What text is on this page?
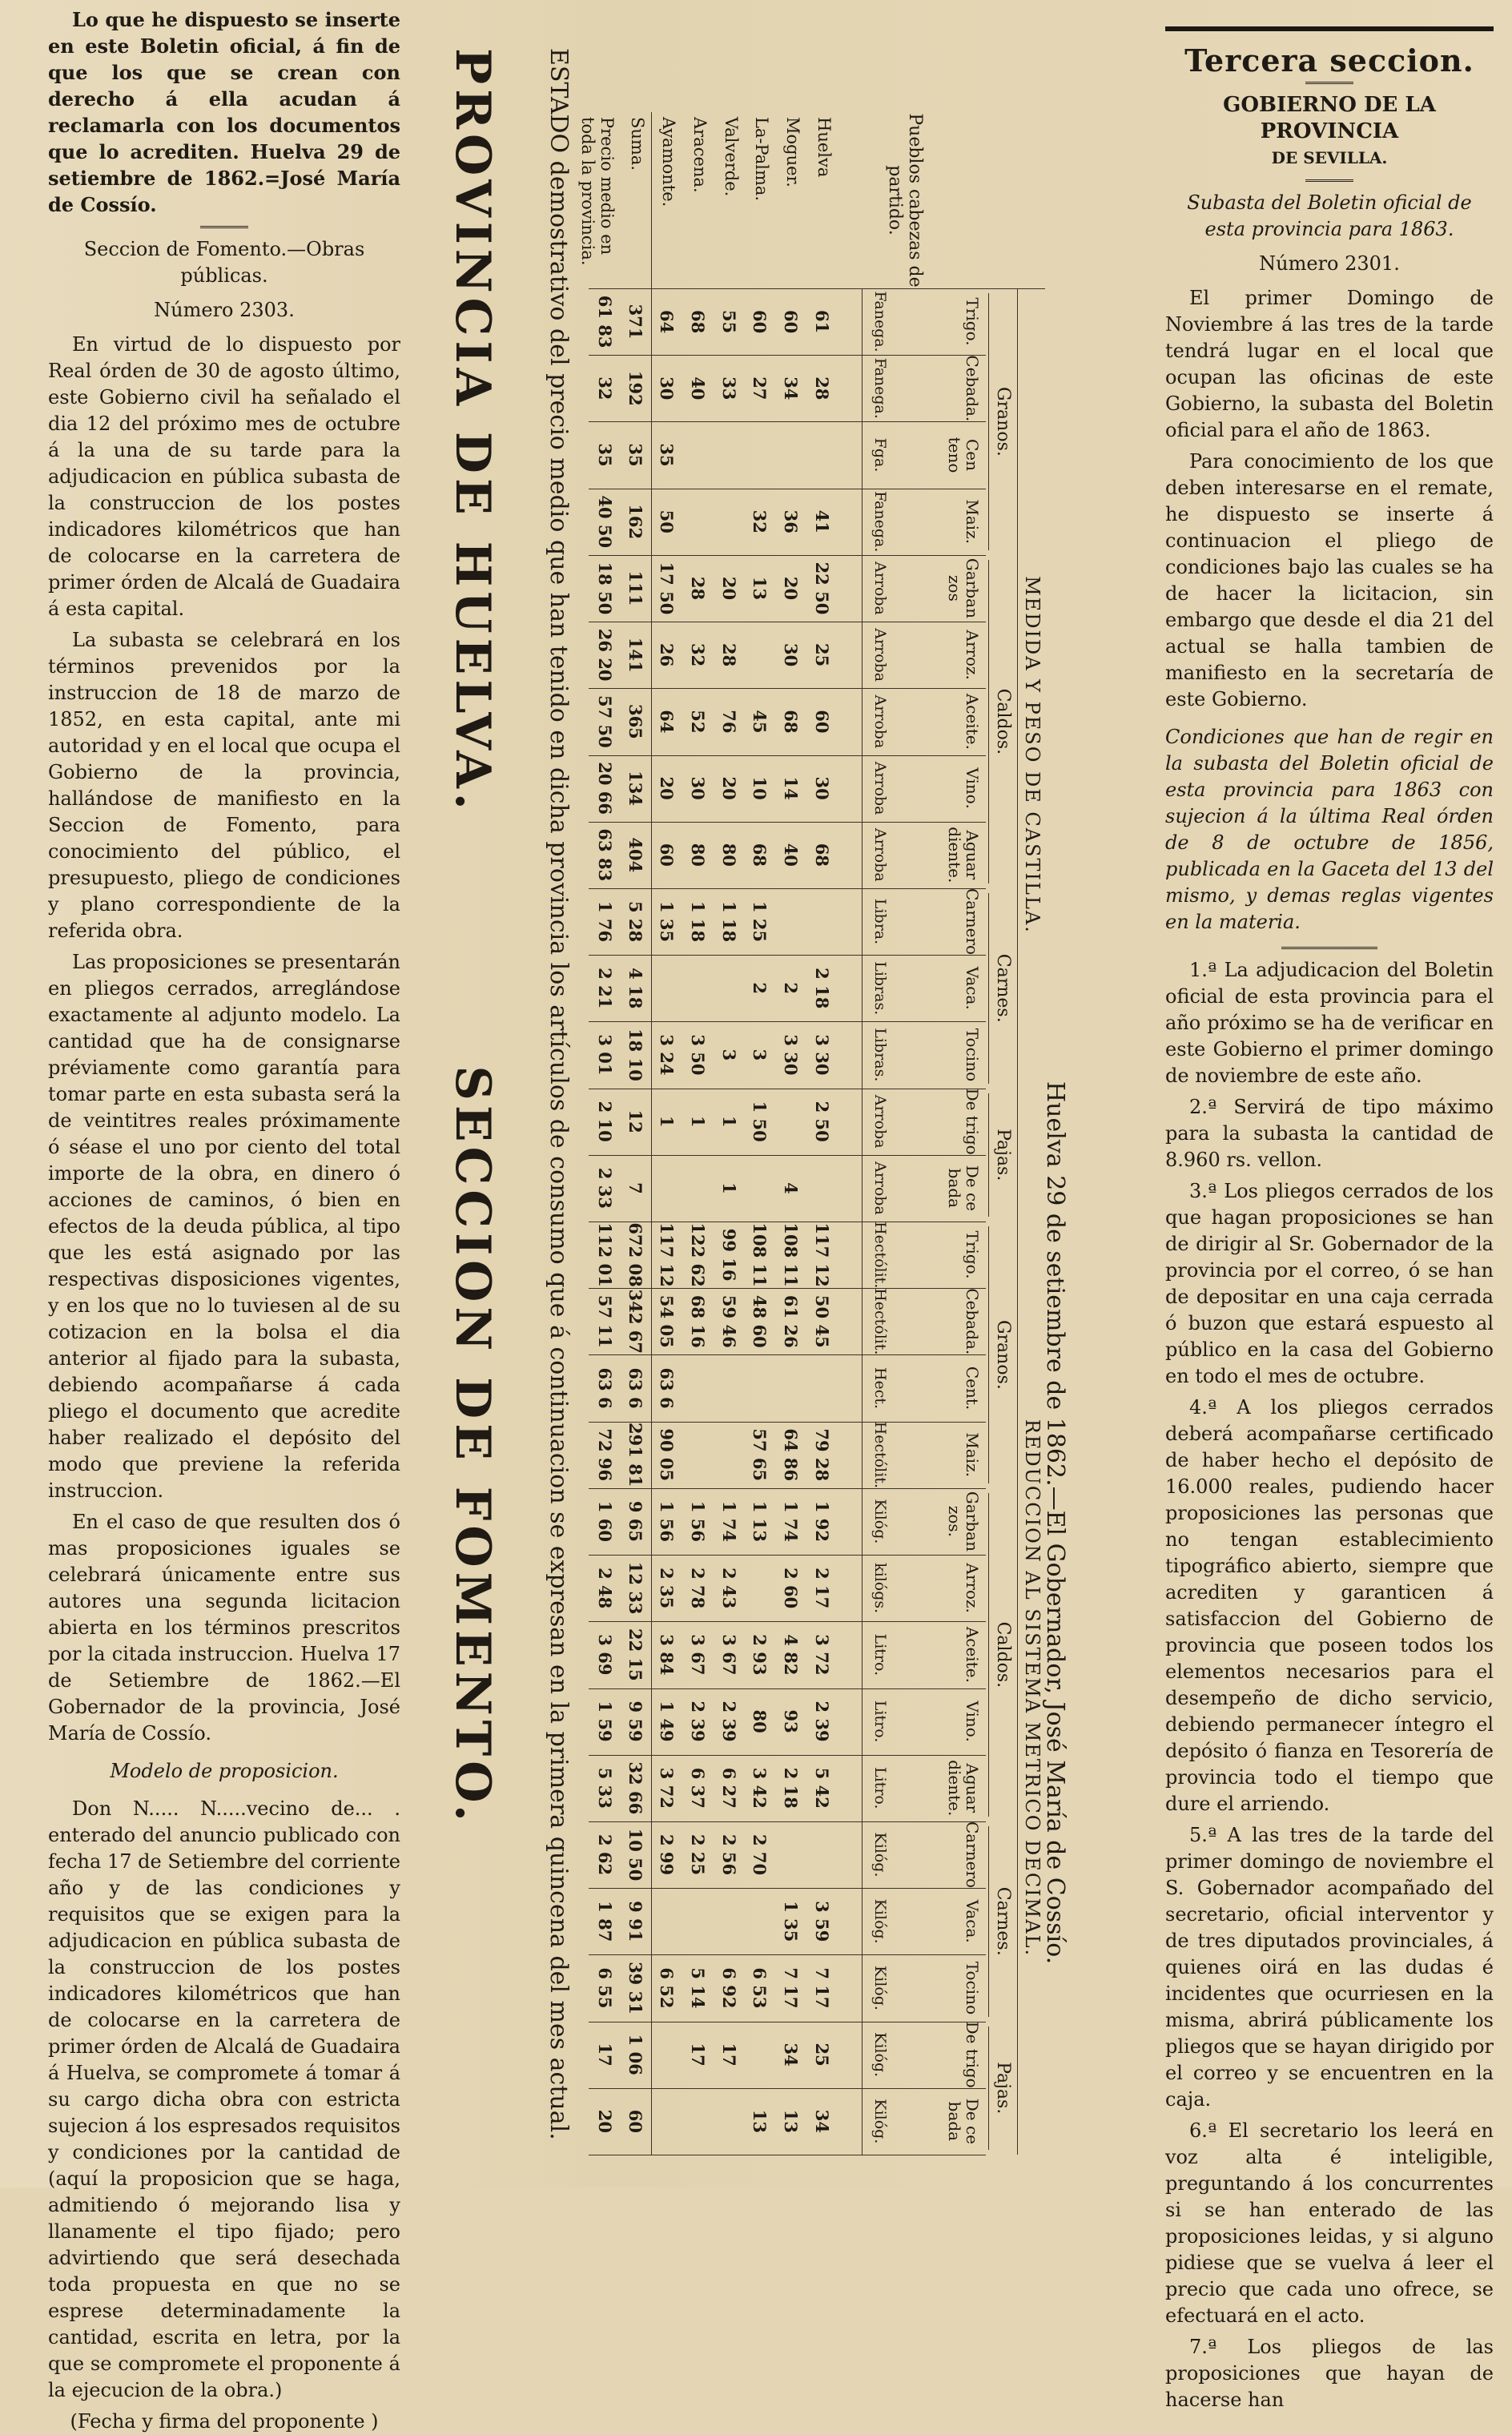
Lo que he dispuesto se inserte en este Boletin oficial, á fin de que los que se crean con derecho á ella acudan á reclamarla con los documentos que lo acrediten. Huelva 29 de setiembre de 1862.=José María de Cossío.

Seccion de Fomento.—Obras públicas.

Número 2303.

En virtud de lo dispuesto por Real órden de 30 de agosto último, este Gobierno civil ha señalado el dia 12 del próximo mes de octubre á la una de su tarde para la adjudicacion en pública subasta de la construccion de los postes indicadores kilométricos que han de colocarse en la carretera de primer órden de Alcalá de Guadaira á esta capital.

La subasta se celebrará en los términos prevenidos por la instruccion de 18 de marzo de 1852, en esta capital, ante mi autoridad y en el local que ocupa el Gobierno de la provincia, hallándose de manifiesto en la Seccion de Fomento, para conocimiento del público, el presupuesto, pliego de condiciones y plano correspondiente de la referida obra.

Las proposiciones se presentarán en pliegos cerrados, arreglándose exactamente al adjunto modelo. La cantidad que ha de consignarse préviamente como garantía para tomar parte en esta subasta será la de veintitres reales próximamente ó séase el uno por ciento del total importe de la obra, en dinero ó acciones de caminos, ó bien en efectos de la deuda pública, al tipo que les está asignado por las respectivas disposiciones vigentes, y en los que no lo tuviesen al de su cotizacion en la bolsa el dia anterior al fijado para la subasta, debiendo acompañarse á cada pliego el documento que acredite haber realizado el depósito del modo que previene la referida instruccion.

En el caso de que resulten dos ó mas proposiciones iguales se celebrará únicamente entre sus autores una segunda licitacion abierta en los términos prescritos por la citada instruccion. Huelva 17 de Setiembre de 1862.—El Gobernador de la provincia, José María de Cossío.

Modelo de proposicion.

Don N..... N.....vecino de... . enterado del anuncio publicado con fecha 17 de Setiembre del corriente año y de las condiciones y requisitos que se exigen para la adjudicacion en pública subasta de la construccion de los postes indicadores kilométricos que han de colocarse en la carretera de primer órden de Alcalá de Guadaira á Huelva, se compromete á tomar á su cargo dicha obra con estricta sujecion á los espresados requisitos y condiciones por la cantidad de (aquí la proposicion que se haga, admitiendo ó mejorando lisa y llanamente el tipo fijado; pero advirtiendo que será desechada toda propuesta en que no se esprese determinadamente la cantidad, escrita en letra, por la que se compromete el proponente á la ejecucion de la obra.)

(Fecha y firma del proponente )

Huelva 29 de setiembre de 1862.—El Gobernador, José María de Cossío.
Pueblos cabezas de partido.
Huelva
Moguer.
La-Palma.
Valverde.
Aracena.
Ayamonte.
Suma.
Precio medio en toda la provincia.
MEDIDA Y PESO DE CASTILLA.
Granos.
Caldos.
Carnes.
Pajas.
Trigo.
Fanega.
Cebada.
Fanega.
Cen teno
Fga.
Maiz.
Fanega.
Garban zos
Arroba
Arroz.
Arroba
Aceite.
Arroba
Vino.
Arroba
Aguar diente.
Arroba
Carnero
Libra.
Vaca.
Libras.
Tocino
Libras.
De trigo
Arroba
De ce bada
Arroba
61
28
41
22 50
25
60
30
68
2 18
3 30
2 50
60
34
36
20
30
68
14
40
2
3 30
4
60
27
32
13
45
10
68
1 25
2
3
1 50
55
33
20
28
76
20
80
1 18
3
1
1
68
40
28
32
52
30
80
1 18
3 50
1
64
30
35
50
17 50
26
64
20
60
1 35
3 24
1
371
192
35
162
111
141
365
134
404
5 28
4 18
18 10
12
7
61 83
32
35
40 50
18 50
26 20
57 50
20 66
63 83
1 76
2 21
3 01
2 10
2 33
REDUCCION AL SISTEMA METRICO DECIMAL.
Granos.
Caldos.
Carnes.
Pajas.
Trigo.
Hectólit.
Cebada.
Hectólit.
Cent.
Hect.
Maiz.
Hectólit.
Garban zos.
Kilóg.
Arroz.
kilógs.
Aceite.
Litro.
Vino.
Litro.
Aguar diente.
Litro.
Carnero
Kilóg.
Vaca.
Kilóg.
Tocino
Kilóg.
De trigo
Kilóg.
De ce bada
Kilóg.
117 12
50 45
79 28
1 92
2 17
3 72
2 39
5 42
3 59
7 17
25
34
108 11
61 26
64 86
1 74
2 60
4 82
93
2 18
1 35
7 17
34
13
108 11
48 60
57 65
1 13
2 93
80
3 42
2 70
6 53
13
99 16
59 46
1 74
2 43
3 67
2 39
6 27
2 56
6 92
17
122 62
68 16
1 56
2 78
3 67
2 39
6 37
2 25
5 14
17
117 12
54 05
63 6
90 05
1 56
2 35
3 84
1 49
3 72
2 99
6 52
672 08
342 67
63 6
291 81
9 65
12 33
22 15
9 59
32 66
10 50
9 91
39 31
1 06
60
112 01
57 11
63 6
72 96
1 60
2 48
3 69
1 59
5 33
2 62
1 87
6 55
17
20
ESTADO demostrativo del precio medio que han tenido en dicha provincia los artículos de consumo que á continuacion se expresan en la primera quincena del mes actual.
PROVINCIA DE HUELVA.  SECCION DE FOMENTO.

Tercera seccion.

GOBIERNO DE LA PROVINCIA

DE SEVILLA.

Subasta del Boletin oficial de esta provincia para 1863.

Número 2301.

El primer Domingo de Noviembre á las tres de la tarde tendrá lugar en el local que ocupan las oficinas de este Gobierno, la subasta del Boletin oficial para el año de 1863.

Para conocimiento de los que deben interesarse en el remate, he dispuesto se inserte á continuacion el pliego de condiciones bajo las cuales se ha de hacer la licitacion, sin embargo que desde el dia 21 del actual se halla tambien de manifiesto en la secretaría de este Gobierno.

Condiciones que han de regir en la subasta del Boletin oficial de esta provincia para 1863 con sujecion á la última Real órden de 8 de octubre de 1856, publicada en la Gaceta del 13 del mismo, y demas reglas vigentes en la materia.

1.ª La adjudicacion del Boletin oficial de esta provincia para el año próximo se ha de verificar en este Gobierno el primer domingo de noviembre de este año.

2.ª Servirá de tipo máximo para la subasta la cantidad de 8.960 rs. vellon.

3.ª Los pliegos cerrados de los que hagan proposiciones se han de dirigir al Sr. Gobernador de la provincia por el correo, ó se han de depositar en una caja cerrada ó buzon que estará espuesto al público en la casa del Gobierno en todo el mes de octubre.

4.ª A los pliegos cerrados deberá acompañarse certificado de haber hecho el depósito de 16.000 reales, pudiendo hacer proposiciones las personas que no tengan establecimiento tipográfico abierto, siempre que acrediten y garanticen á satisfaccion del Gobierno de provincia que poseen todos los elementos necesarios para el desempeño de dicho servicio, debiendo permanecer íntegro el depósito ó fianza en Tesorería de provincia todo el tiempo que dure el arriendo.

5.ª A las tres de la tarde del primer domingo de noviembre el S. Gobernador acompañado del secretario, oficial interventor y de tres diputados provinciales, á quienes oirá en las dudas é incidentes que ocurriesen en la misma, abrirá públicamente los pliegos que se hayan dirigido por el correo y se encuentren en la caja.

6.ª El secretario los leerá en voz alta é inteligible, preguntando á los concurrentes si se han enterado de las proposiciones leidas, y si alguno pidiese que se vuelva á leer el precio que cada uno ofrece, se efectuará en el acto.

7.ª Los pliegos de las proposiciones que hayan de hacerse han
